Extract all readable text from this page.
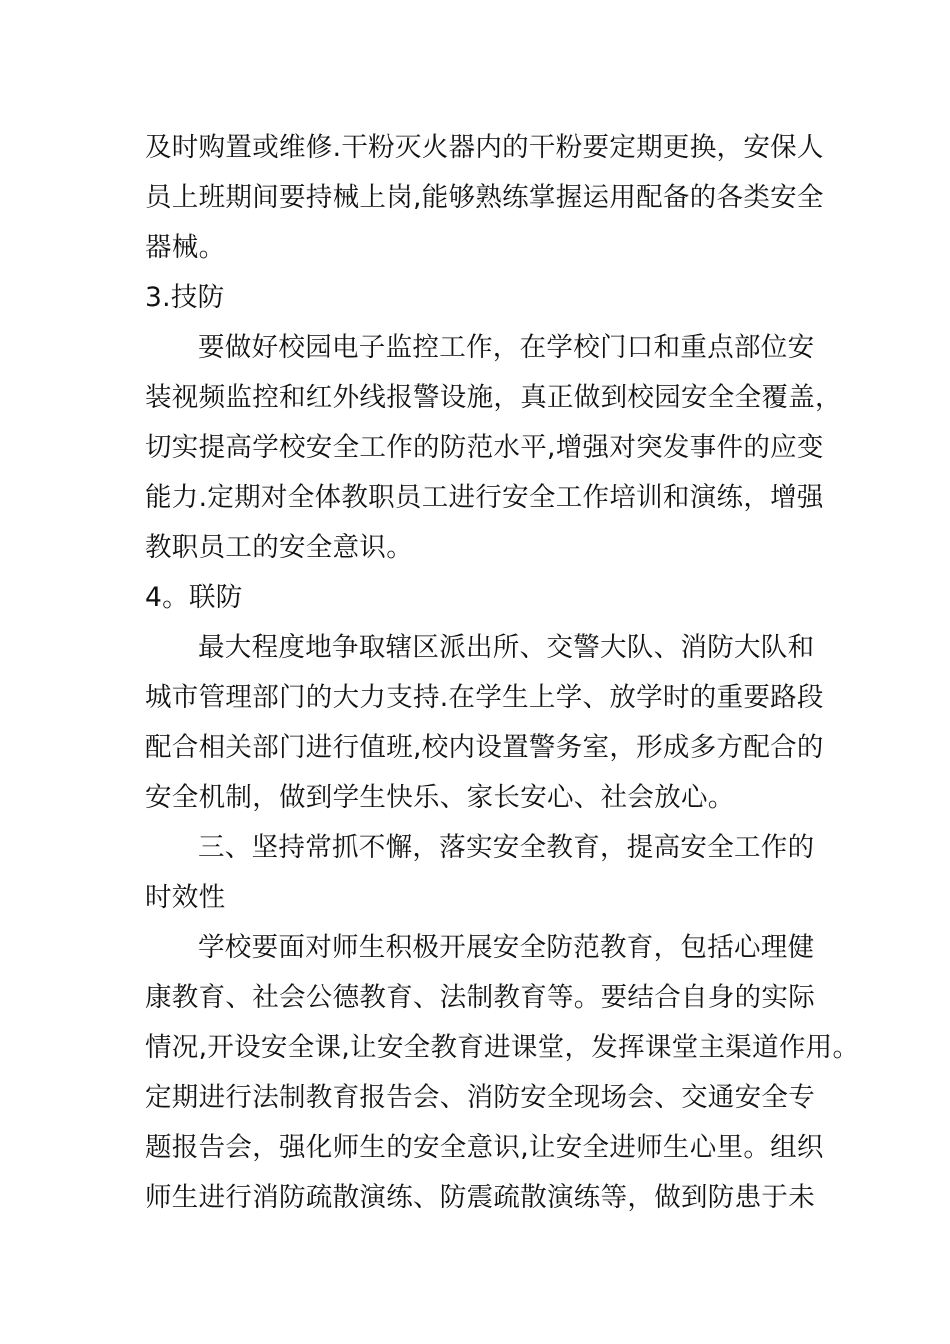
及时购置或维修.干粉灭火器内的干粉要定期更换，安保人
员上班期间要持械上岗,能够熟练掌握运用配备的各类安全
器械。
3.技防
要做好校园电子监控工作，在学校门口和重点部位安
装视频监控和红外线报警设施，真正做到校园安全全覆盖，
切实提高学校安全工作的防范水平,增强对突发事件的应变
能力.定期对全体教职员工进行安全工作培训和演练，增强
教职员工的安全意识。
4。联防
最大程度地争取辖区派出所、交警大队、消防大队和
城市管理部门的大力支持.在学生上学、放学时的重要路段
配合相关部门进行值班,校内设置警务室，形成多方配合的
安全机制，做到学生快乐、家长安心、社会放心。
三、坚持常抓不懈，落实安全教育，提高安全工作的
时效性
学校要面对师生积极开展安全防范教育，包括心理健
康教育、社会公德教育、法制教育等。要结合自身的实际
情况,开设安全课,让安全教育进课堂，发挥课堂主渠道作用。
定期进行法制教育报告会、消防安全现场会、交通安全专
题报告会，强化师生的安全意识,让安全进师生心里。组织
师生进行消防疏散演练、防震疏散演练等，做到防患于未
